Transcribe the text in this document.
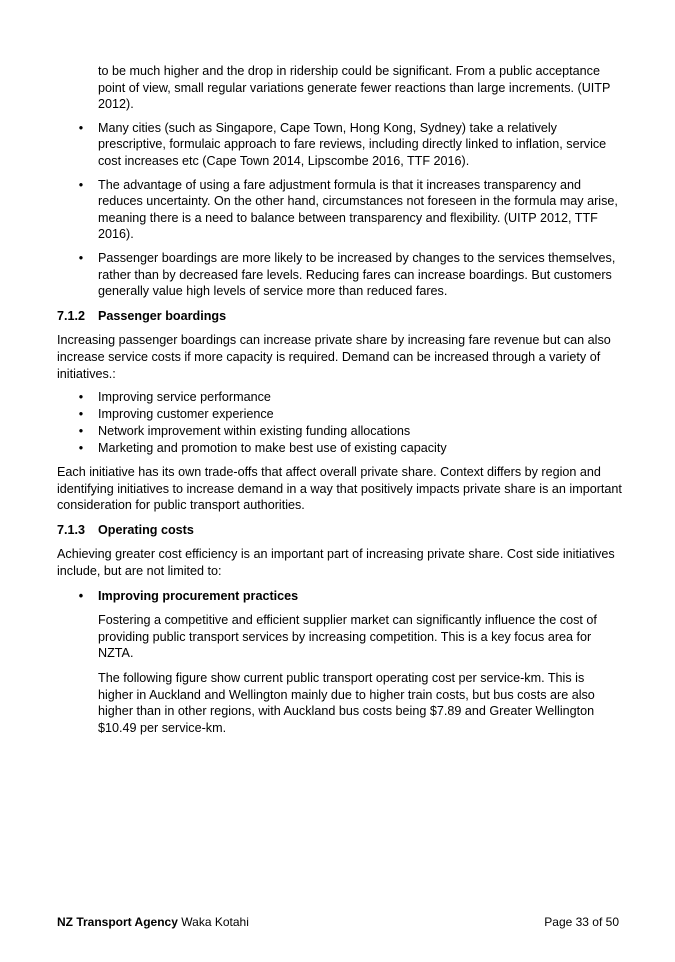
to be much higher and the drop in ridership could be significant. From a public acceptance point of view, small regular variations generate fewer reactions than large increments. (UITP 2012).

• Many cities (such as Singapore, Cape Town, Hong Kong, Sydney) take a relatively prescriptive, formulaic approach to fare reviews, including directly linked to inflation, service cost increases etc (Cape Town 2014, Lipscombe 2016, TTF 2016).
• The advantage of using a fare adjustment formula is that it increases transparency and reduces uncertainty. On the other hand, circumstances not foreseen in the formula may arise, meaning there is a need to balance between transparency and flexibility. (UITP 2012, TTF 2016).
• Passenger boardings are more likely to be increased by changes to the services themselves, rather than by decreased fare levels. Reducing fares can increase boardings. But customers generally value high levels of service more than reduced fares.
7.1.2	Passenger boardings

Increasing passenger boardings can increase private share by increasing fare revenue but can also increase service costs if more capacity is required. Demand can be increased through a variety of initiatives.:

• Improving service performance
• Improving customer experience
• Network improvement within existing funding allocations
• Marketing and promotion to make best use of existing capacity

Each initiative has its own trade-offs that affect overall private share. Context differs by region and identifying initiatives to increase demand in a way that positively impacts private share is an important consideration for public transport authorities.

7.1.3	Operating costs

Achieving greater cost efficiency is an important part of increasing private share. Cost side initiatives include, but are not limited to:

• Improving procurement practices

Fostering a competitive and efficient supplier market can significantly influence the cost of providing public transport services by increasing competition. This is a key focus area for NZTA.

The following figure show current public transport operating cost per service-km. This is higher in Auckland and Wellington mainly due to higher train costs, but bus costs are also higher than in other regions, with Auckland bus costs being $7.89 and Greater Wellington $10.49 per service-km.

NZ Transport Agency Waka Kotahi	Page 33 of 50
